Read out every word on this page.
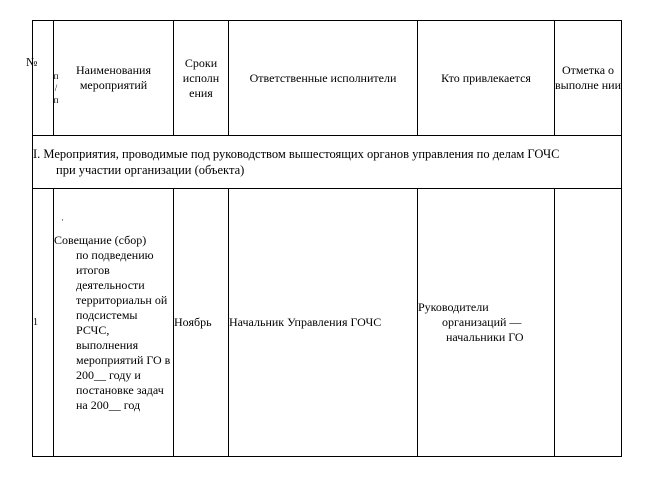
№
п
/
п	Наименования мероприятий	Сроки исполн ения	Ответственные исполнители	Кто привлекается	Отметка о выполне нии
I. Мероприятия, проводимые под руководством вышестоящих органов управления по делам ГОЧС
при участии организации (объекта)					

1	Совещание (сбор)
·
по подведению итогов деятельности территориальн ой подсистемы РСЧС, выполнения мероприятий ГО в 200__ году и постановке задач на 200__ год	Ноябрь	Начальник Управления ГОЧС	Руководители
организаций —
начальники ГО	
